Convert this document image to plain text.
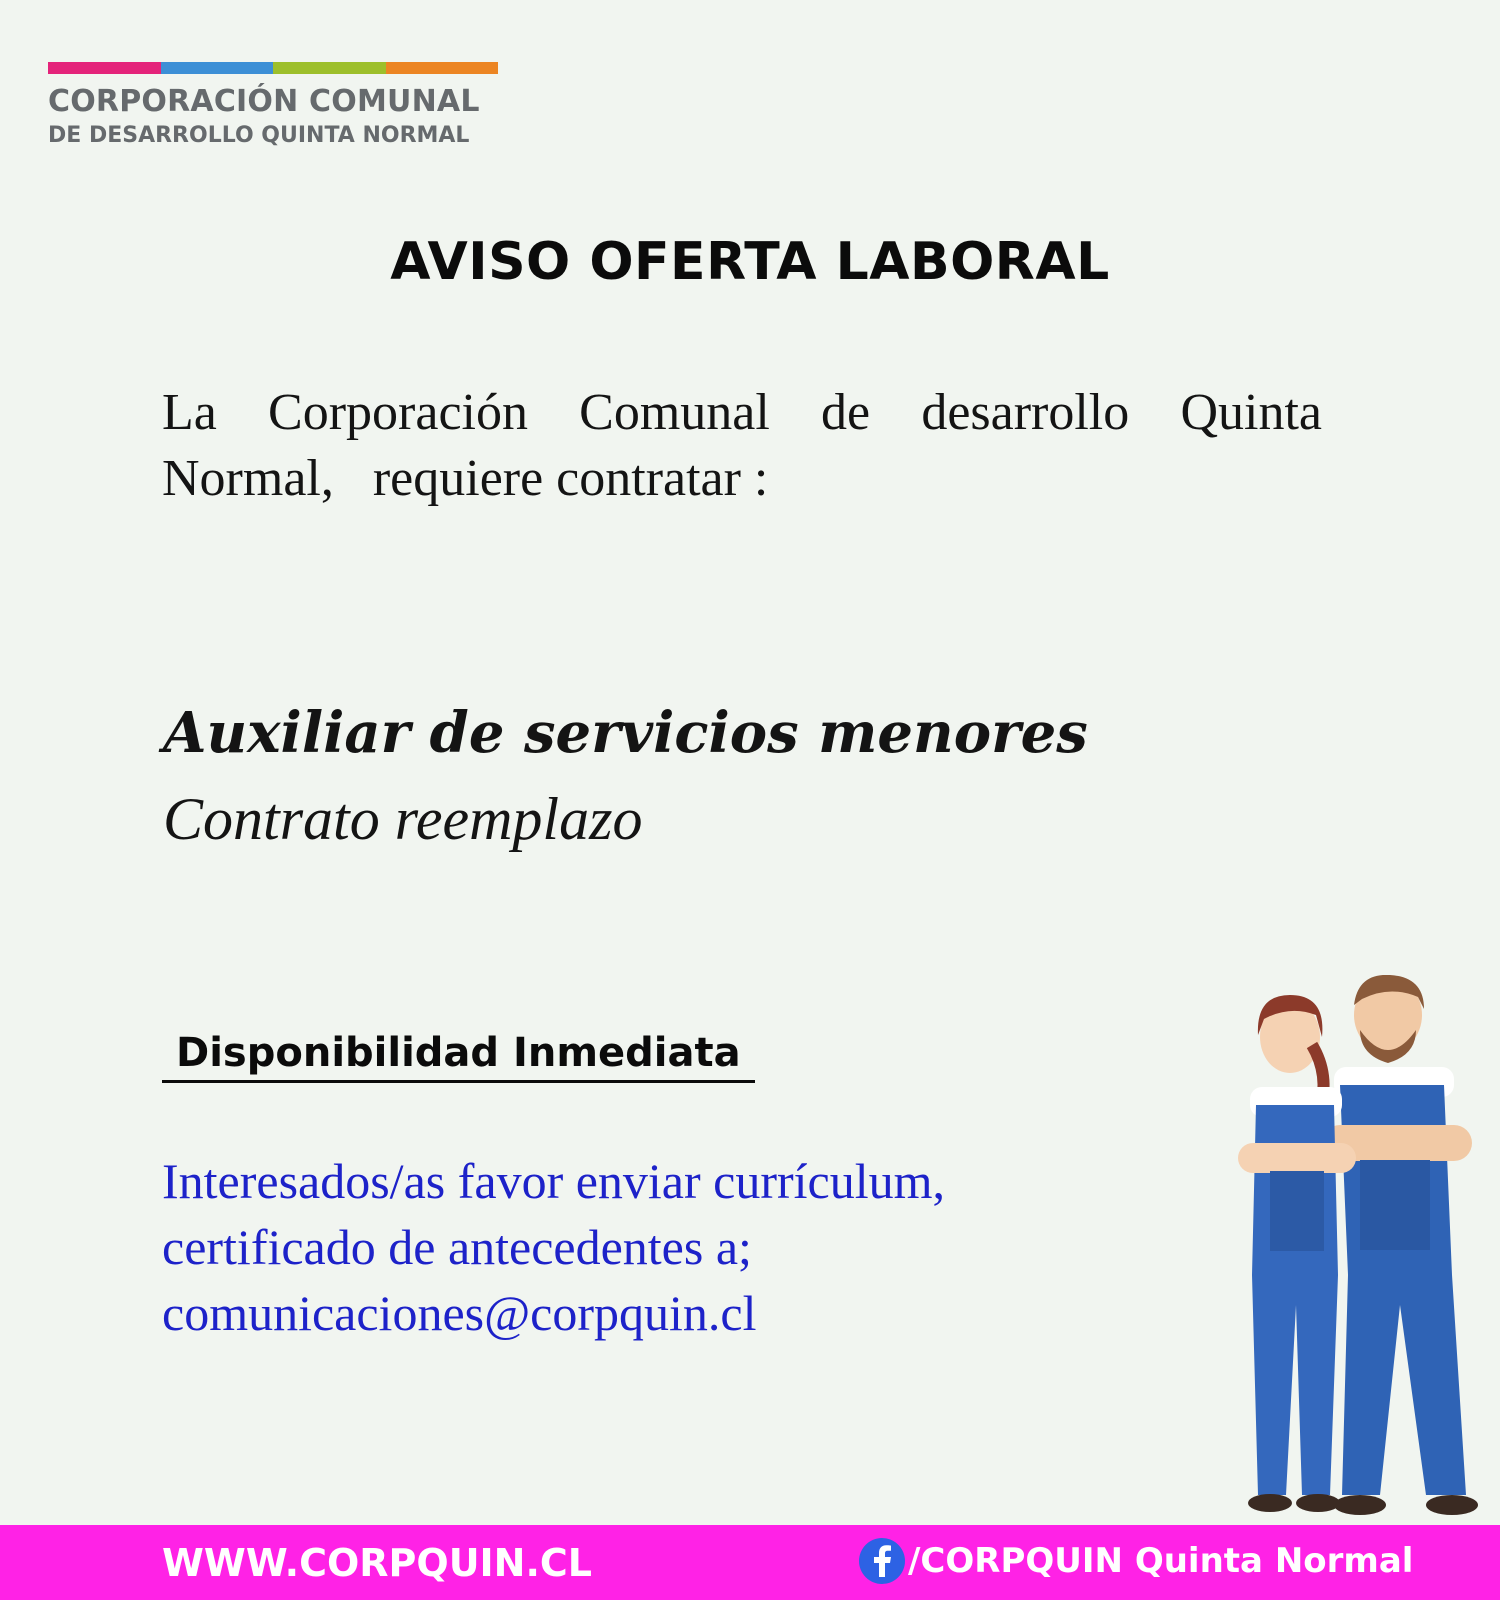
CORPORACIÓN COMUNAL
DE DESARROLLO QUINTA NORMAL
AVISO OFERTA LABORAL
La Corporación Comunal de desarrollo Quinta
Normal,   requiere contratar :
Auxiliar de servicios menores
Contrato reemplazo
Disponibilidad Inmediata
Interesados/as favor enviar currículum,
certificado de antecedentes a;
comunicaciones@corpquin.cl
WWW.CORPQUIN.CL	/CORPQUIN Quinta Normal
